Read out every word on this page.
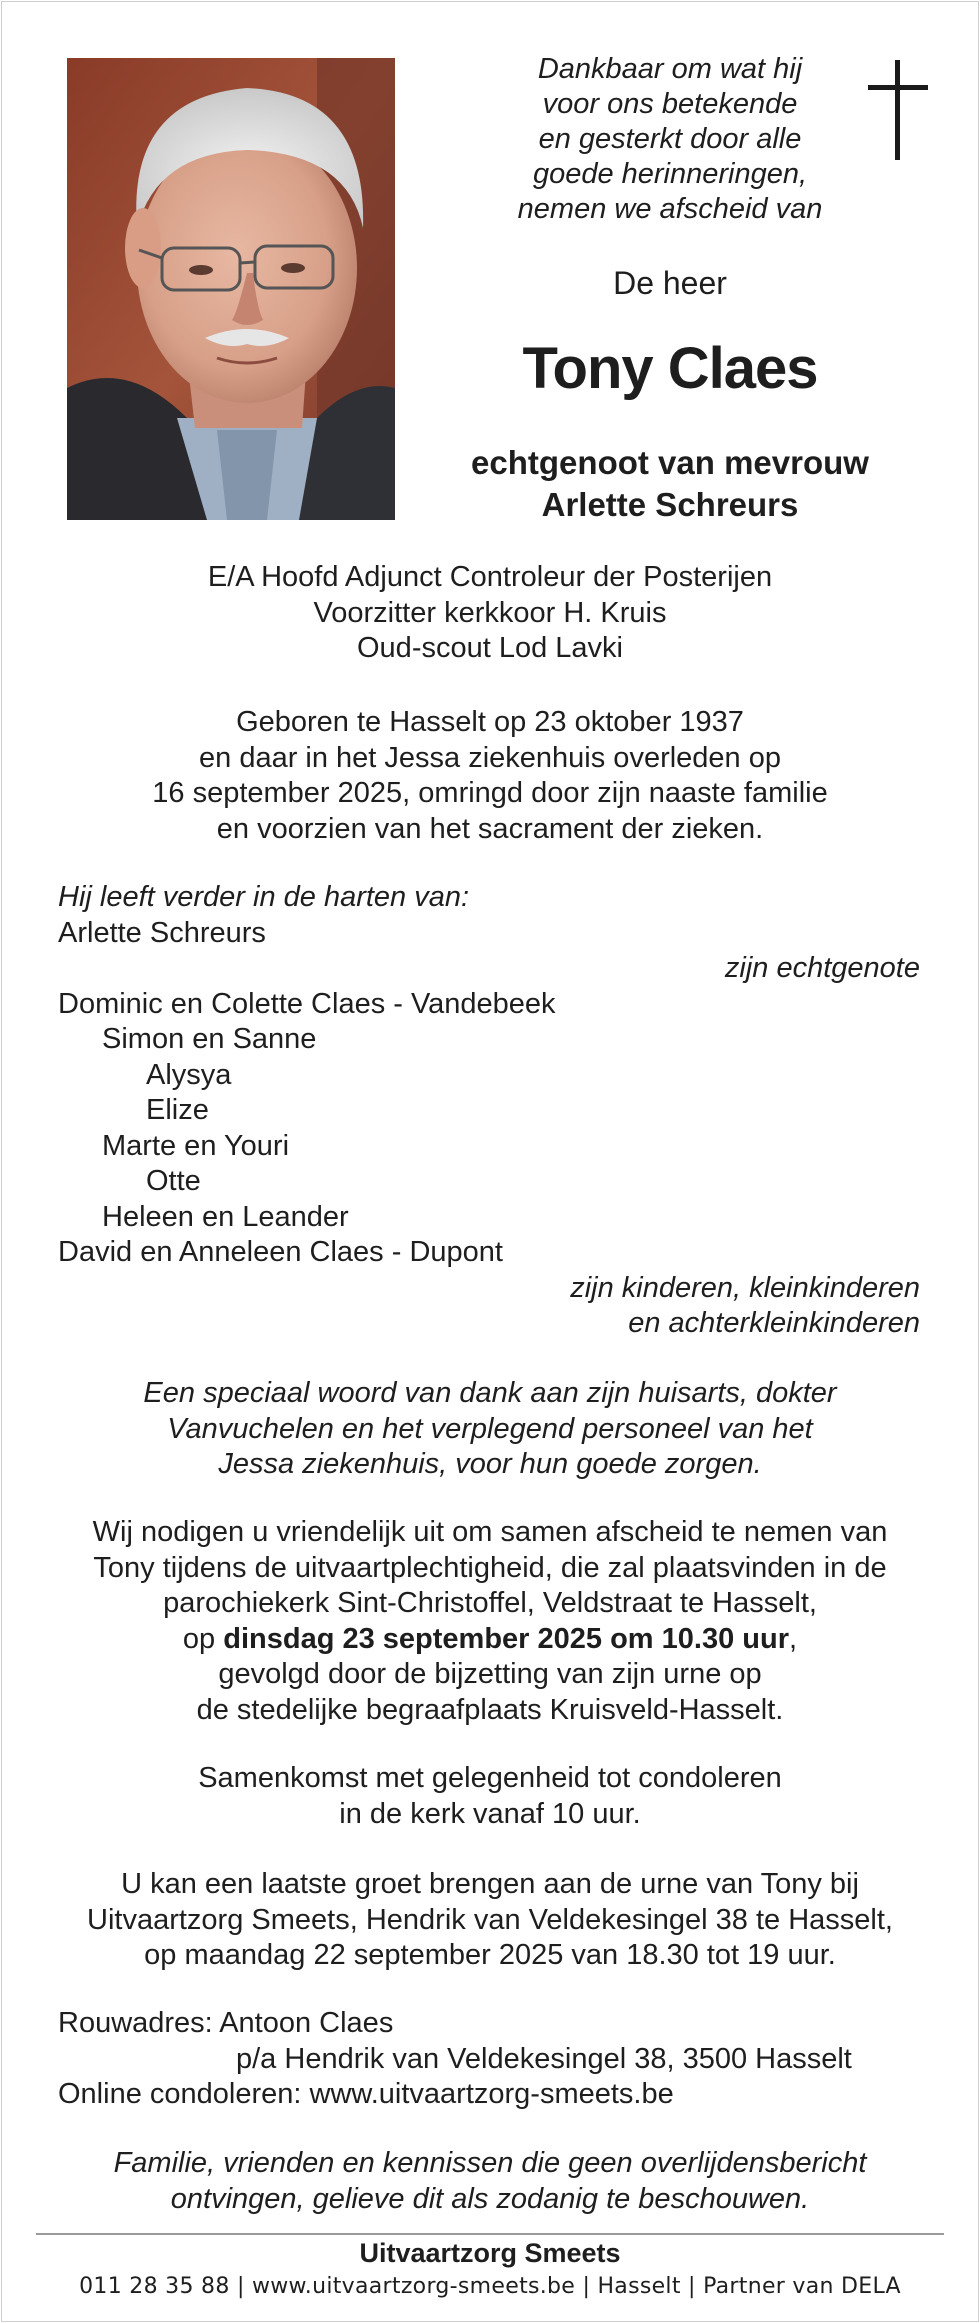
Dankbaar om wat hij

voor ons betekende

en gesterkt door alle

goede herinneringen,

nemen we afscheid van

De heer
Tony Claes

echtgenoot van mevrouw

Arlette Schreurs

E/A Hoofd Adjunct Controleur der Posterijen

Voorzitter kerkkoor H. Kruis

Oud-scout Lod Lavki

Geboren te Hasselt op 23 oktober 1937

en daar in het Jessa ziekenhuis overleden op

16 september 2025, omringd door zijn naaste familie

en voorzien van het sacrament der zieken.

Hij leeft verder in de harten van:

Arlette Schreurs

zijn echtgenote

Dominic en Colette Claes - Vandebeek

Simon en Sanne

Alysya

Elize

Marte en Youri

Otte

Heleen en Leander

David en Anneleen Claes - Dupont

zijn kinderen, kleinkinderen

en achterkleinkinderen

Een speciaal woord van dank aan zijn huisarts, dokter

Vanvuchelen en het verplegend personeel van het

Jessa ziekenhuis, voor hun goede zorgen.

Wij nodigen u vriendelijk uit om samen afscheid te nemen van

Tony tijdens de uitvaartplechtigheid, die zal plaatsvinden in de

parochiekerk Sint-Christoffel, Veldstraat te Hasselt,

op dinsdag 23 september 2025 om 10.30 uur,

gevolgd door de bijzetting van zijn urne op

de stedelijke begraafplaats Kruisveld-Hasselt.

Samenkomst met gelegenheid tot condoleren

in de kerk vanaf 10 uur.

U kan een laatste groet brengen aan de urne van Tony bij

Uitvaartzorg Smeets, Hendrik van Veldekesingel 38 te Hasselt,

op maandag 22 september 2025 van 18.30 tot 19 uur.

Rouwadres: Antoon Claes

p/a Hendrik van Veldekesingel 38, 3500 Hasselt

Online condoleren: www.uitvaartzorg-smeets.be

Familie, vrienden en kennissen die geen overlijdensbericht

ontvingen, gelieve dit als zodanig te beschouwen.

Uitvaartzorg Smeets
011 28 35 88 | www.uitvaartzorg-smeets.be | Hasselt | Partner van DELA
